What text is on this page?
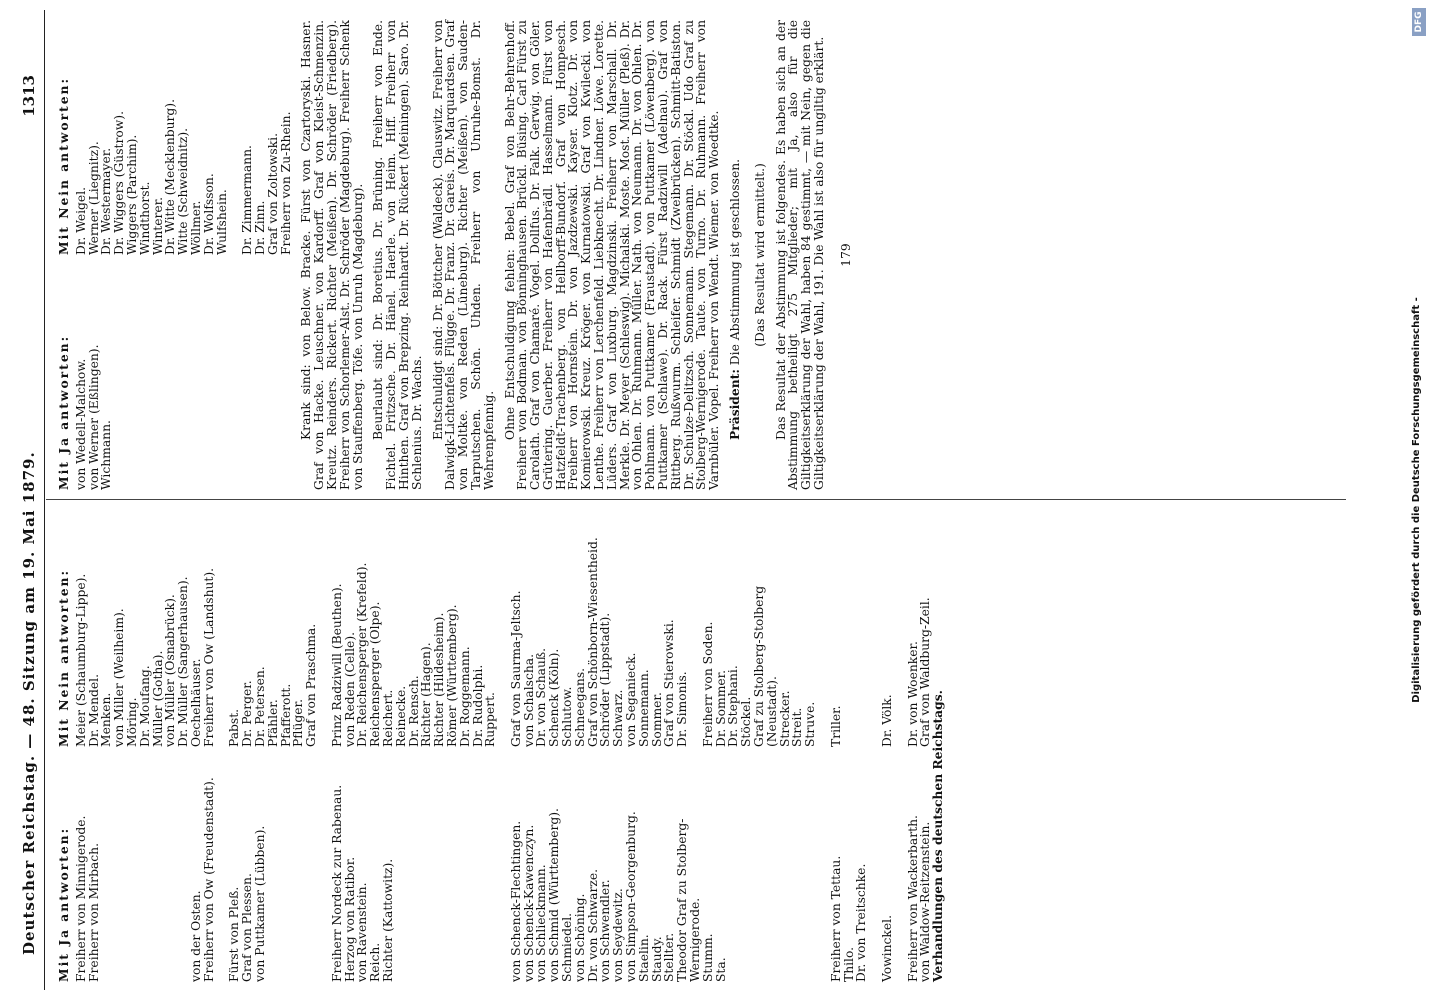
Deutscher Reichstag. — 48. Sitzung am 19. Mai 1879.
1313
Mit Ja antworten:
Mit Nein antworten:
Freiherr von Minnigerode.
Meier (Schaumburg-Lippe).
Freiherr von Mirbach.
Dr. Mendel.
Menken.
von Miller (Weilheim).
Möring.
Dr. Moufang.
Müller (Gotha).
von Müller (Osnabrück).
Dr. Müller (Sangerhausen).
von der Osten.
Oechelhäuser.
Freiherr von Ow (Freudenstadt).
Freiherr von Ow (Landshut).
Fürst von Pleß.
Pabst.
Graf von Plessen.
Dr. Perger.
von Puttkamer (Lübben).
Dr. Petersen.
Pfähler.
Pfafferott.
Pflüger.
Graf von Praschma.
Freiherr Nordeck zur Rabenau.
Prinz Radziwill (Beuthen).
Herzog von Ratibor.
von Reden (Celle).
von Ravenstein.
Dr. Reichensperger (Krefeld).
Reich.
Reichensperger (Olpe).
Richter (Kattowitz).
Reichert.
Reinecke.
Dr. Rensch.
Richter (Hagen).
Richter (Hildesheim).
Römer (Württemberg).
Dr. Roggemann.
Dr. Rudolphi.
Ruppert.
von Schenck-Flechtingen.
Graf von Saurma-Jeltsch.
von Schenck-Kawenczyn.
von Schalscha.
von Schlieckmann.
Dr. von Schauß.
von Schmid (Württemberg).
Schenck (Köln).
Schmiedel.
Schlutow.
von Schöning.
Schneegans.
Dr. von Schwarze.
Graf von Schönborn-Wiesentheid.
von Schwendler.
Schröder (Lippstadt).
von Seydewitz.
Schwarz.
von Simpson-Georgenburg.
von Seganieck.
Staelin.
Sonnemann.
Staudy.
Sommer.
Stellter.
Graf von Stierowski.
Theodor Graf zu Stolberg-Wernigerode.
Dr. Simonis.
Stumm.
Freiherr von Soden.
Sta.
Dr. Sommer.
Dr. Stephani.
Stöckel.
Graf zu Stolberg-Stolberg (Neustadt).
Strecker.
Streit.
Struve.
Freiherr von Tettau.
Triller.
Thilo.
Dr. von Treitschke. Vowinckel.
Dr. Völk.
Freiherr von Wackerbarth.
Dr. von Woenker.
von Waldow-Reitzenstein.
Graf von Waldburg-Zeil.
Verhandlungen des deutschen Reichstags.
Mit Ja antworten:
Mit Nein antworten:
von Wedell-Malchow.
Dr. Weigel.
von Werner (Eßlingen).
Werner (Liegnitz).
Wichmann.
Dr. Westermayer.
Dr. Wiggers (Güstrow).
Wiggers (Parchim).
Windthorst.
Winterer.
Dr. Witte (Mecklenburg).
Witte (Schweidnitz).
Wöllmer.
Dr. Wolfsson.
Wulfshein. Dr. Zimmermann.
Dr. Zinn.
Graf von Zoltowski.
Freiherr von Zu-Rhein. Krank sind: von Below. Bracke. Fürst von Czartoryski. Hasner. Graf von Hacke. Leuschner. von Kardorff. Graf von Kleist-Schmenzin. Kreutz. Reinders. Rickert. Richter (Meißen). Dr. Schröder (Friedberg). Freiherr von Schorlemer-Alst. Dr. Schröder (Magdeburg). Freiherr Schenk von Stauffenberg. Töfe. von Unruh (Magdeburg). Beurlaubt sind: Dr. Boretius. Dr. Brüning. Freiherr von Ende. Fichtel. Fritzsche. Dr. Hänel. Haerle. von Heim. Hiff. Freiherr von Hinthen. Graf von Brepzing. Reinhardt. Dr. Rückert (Meiningen). Saro. Dr. Schlenius. Dr. Wachs. Entschuldigt sind: Dr. Böttcher (Waldeck). Clauswitz. Freiherr von Dalwigk-Lichtenfels. Flügge. Dr. Franz. Dr. Gareis. Dr. Marquardsen. Graf von Moltke. von Reden (Lüneburg). Richter (Meißen). von Sauden-Tarputschen. Schön. Uhden. Freiherr von Unruhe-Bomst. Dr. Wehrenpfennig.
Ohne Entschuldigung fehlen: Bebel. Graf von Behr-Behrenhoff. Freiherr von Bodman. von Bönninghausen. Brückl. Büsing. Carl Fürst zu Carolath. Graf von Chamaré. Vogel. Dollfus. Dr. Falk. Gerwig. von Göler. Grütering. Guerber. Freiherr von Hafenbrädl. Hasselmann. Fürst von Hatzfeldt-Trachenberg. von Hellborff-Bundorf. Graf von Hompesch. Freiherr von Hornstein. Dr. von Jazdzewski. Kayser. Klotz. Dr. von Komierowski. Kreuz. Kröger. von Kurnatowski. Graf von Kwilecki. von Lenthe. Freiherr von Lerchenfeld. Liebknecht. Dr. Lindner. Löwe. Lorette. Lüders. Graf von Luxburg. Magdzinski. Freiherr von Marschall. Dr. Merkle. Dr. Meyer (Schleswig). Michalski. Moste. Most. Müller (Pleß). Dr. von Ohlen. Dr. Ruhmann. Müller. Nath. von Neumann. Dr. von Ohlen. Dr. Pohlmann. von Puttkamer (Fraustadt). von Puttkamer (Löwenberg). von Puttkamer (Schlawe). Dr. Rack. Fürst Radziwill (Adelnau). Graf von Rittberg. Rußwurm. Schleifer. Schmidt (Zweibrücken). Schmitt-Batiston. Dr. Schulze-Delitzsch. Sonnemann. Stegemann. Dr. Stöckl. Udo Graf zu Stolberg-Wernigerode. Taute. von Turno. Dr. Ruhmann. Freiherr von Varnbüler. Vopel. Freiherr von Wendt. Wiemer. von Woedtke. Präsident: Die Abstimmung ist geschlossen. (Das Resultat wird ermittelt.) Das Resultat der Abstimmung ist folgendes. Es haben sich an der Abstimmung betheiligt 275 Mitglieder; mit Ja, also für die Giltigkeitserklärung der Wahl, haben 84 gestimmt, — mit Nein, gegen die Giltigkeitserklärung der Wahl, 191. Die Wahl ist also für ungiltig erklärt. 179
Digitalisierung gefördert durch die Deutsche Forschungsgemeinschaft -
DFG
